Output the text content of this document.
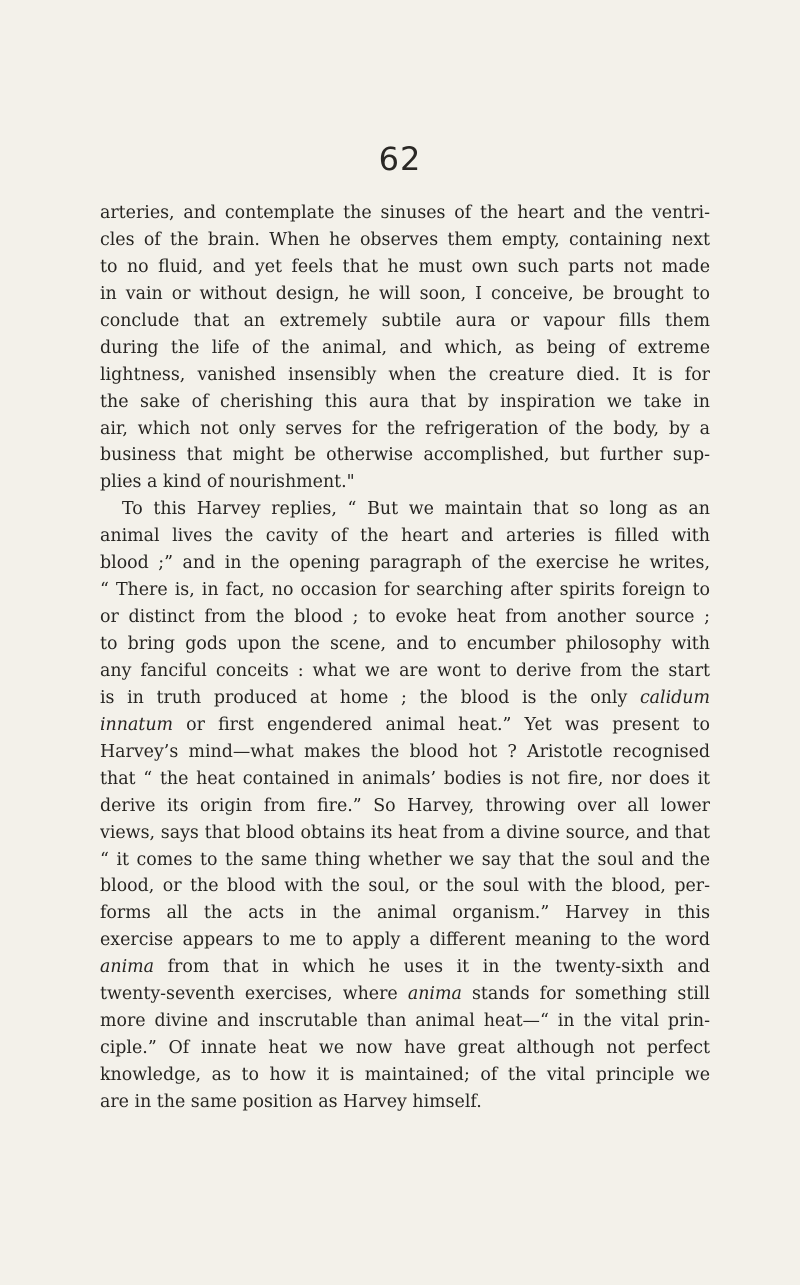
62
arteries, and contemplate the sinuses of the heart and the ventri-
cles of the brain. When he observes them empty, containing next
to no fluid, and yet feels that he must own such parts not made
in vain or without design, he will soon, I conceive, be brought to
conclude that an extremely subtile aura or vapour fills them
during the life of the animal, and which, as being of extreme
lightness, vanished insensibly when the creature died. It is for
the sake of cherishing this aura that by inspiration we take in
air, which not only serves for the refrigeration of the body, by a
business that might be otherwise accomplished, but further sup-
plies a kind of nourishment."
To this Harvey replies, “ But we maintain that so long as an
animal lives the cavity of the heart and arteries is filled with
blood ;” and in the opening paragraph of the exercise he writes,
“ There is, in fact, no occasion for searching after spirits foreign to
or distinct from the blood ; to evoke heat from another source ;
to bring gods upon the scene, and to encumber philosophy with
any fanciful conceits : what we are wont to derive from the start
is in truth produced at home ; the blood is the only calidum
innatum or first engendered animal heat.” Yet was present to
Harvey’s mind—what makes the blood hot ? Aristotle recognised
that “ the heat contained in animals’ bodies is not fire, nor does it
derive its origin from fire.” So Harvey, throwing over all lower
views, says that blood obtains its heat from a divine source, and that
“ it comes to the same thing whether we say that the soul and the
blood, or the blood with the soul, or the soul with the blood, per-
forms all the acts in the animal organism.” Harvey in this
exercise appears to me to apply a different meaning to the word
anima from that in which he uses it in the twenty-sixth and
twenty-seventh exercises, where anima stands for something still
more divine and inscrutable than animal heat—“ in the vital prin-
ciple.” Of innate heat we now have great although not perfect
knowledge, as to how it is maintained; of the vital principle we
are in the same position as Harvey himself.
